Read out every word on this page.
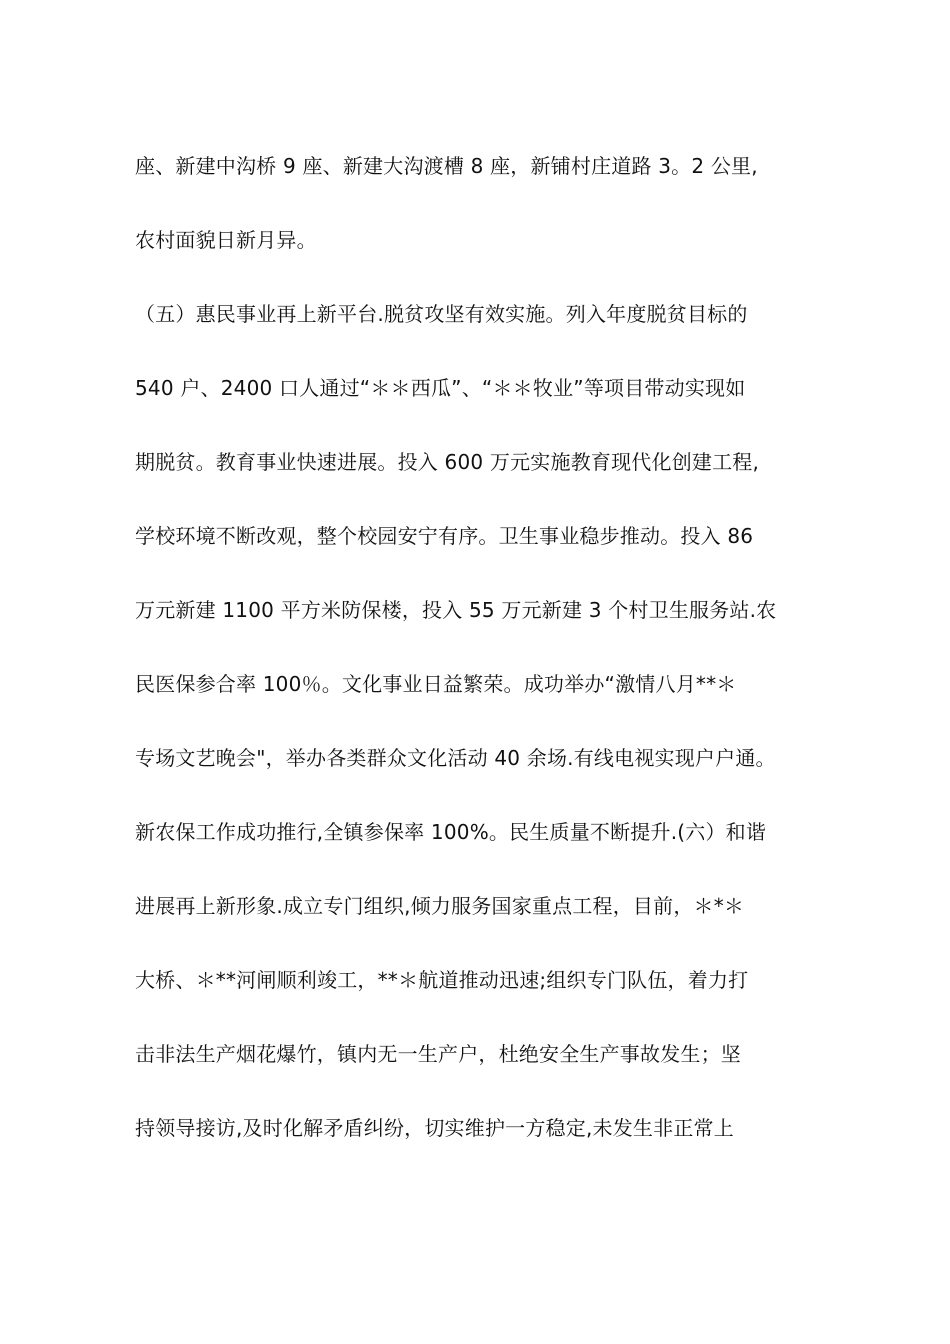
座、新建中沟桥 9 座、新建大沟渡槽 8 座，新铺村庄道路 3。2 公里,
农村面貌日新月异。
（五）惠民事业再上新平台.脱贫攻坚有效实施。列入年度脱贫目标的
540 户、2400 口人通过“＊＊西瓜”、“＊＊牧业”等项目带动实现如
期脱贫。教育事业快速进展。投入 600 万元实施教育现代化创建工程,
学校环境不断改观，整个校园安宁有序。卫生事业稳步推动。投入 86
万元新建 1100 平方米防保楼，投入 55 万元新建 3 个村卫生服务站.农
民医保参合率 100％。文化事业日益繁荣。成功举办“激情八月**＊
专场文艺晚会"，举办各类群众文化活动 40 余场.有线电视实现户户通。
新农保工作成功推行,全镇参保率 100%。民生质量不断提升.(六）和谐
进展再上新形象.成立专门组织,倾力服务国家重点工程，目前，＊*＊
大桥、＊**河闸顺利竣工，**＊航道推动迅速;组织专门队伍，着力打
击非法生产烟花爆竹，镇内无一生产户，杜绝安全生产事故发生；坚
持领导接访,及时化解矛盾纠纷，切实维护一方稳定,未发生非正常上
